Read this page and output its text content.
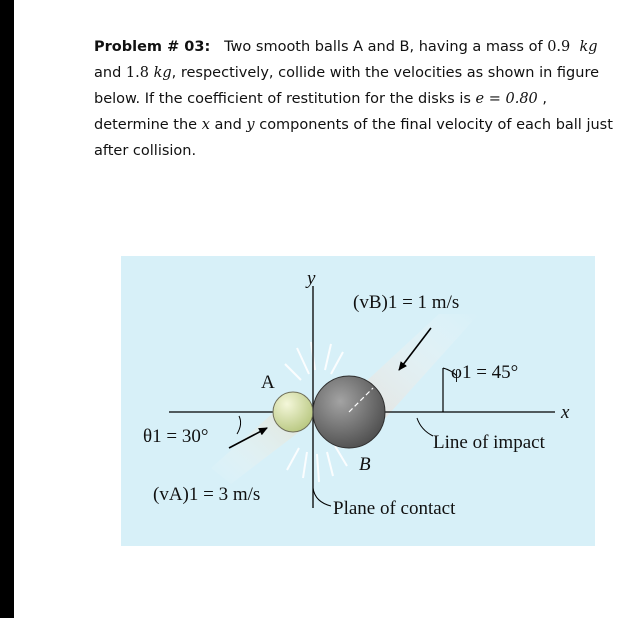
Problem # 03: Two smooth balls A and B, having a mass of 0.9 kg
and 1.8 kg, respectively, collide with the velocities as shown in figure
below. If the coefficient of restitution for the disks is e = 0.80 ,
determine the x and y components of the final velocity of each ball just
after collision.
A
B
y
x
(vB)1 = 1 m/s
φ1 = 45°
θ1 = 30°
(vA)1 = 3 m/s
Line of impact
Plane of contact
